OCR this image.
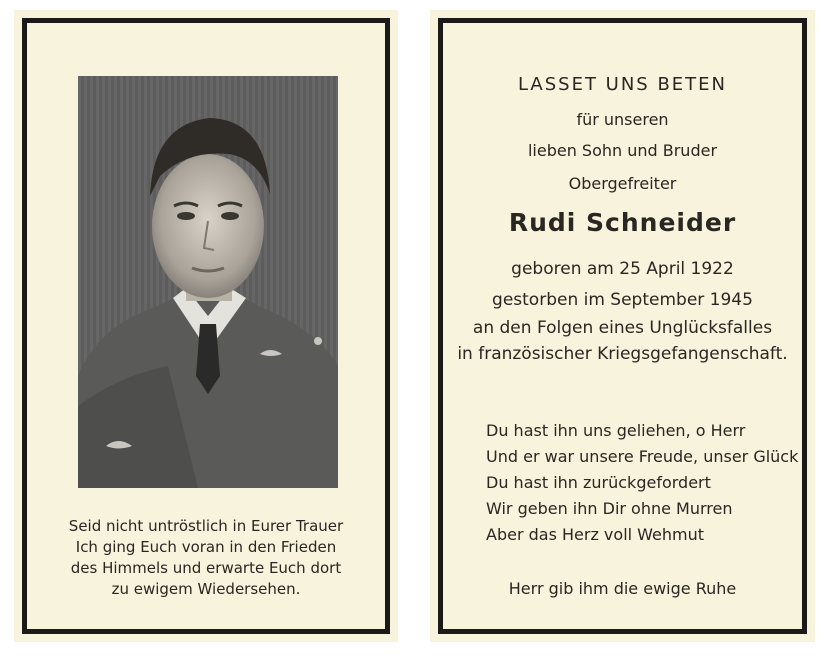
Seid nicht untröstlich in Eurer Trauer
Ich ging Euch voran in den Frieden
des Himmels und erwarte Euch dort
zu ewigem Wiedersehen.
LASSET UNS BETEN
für unseren
lieben Sohn und Bruder
Obergefreiter
Rudi Schneider
geboren am 25 April 1922
gestorben im September 1945
an den Folgen eines Unglücksfalles
in französischer Kriegsgefangenschaft.
Du hast ihn uns geliehen, o Herr
Und er war unsere Freude, unser Glück
Du hast ihn zurückgefordert
Wir geben ihn Dir ohne Murren
Aber das Herz voll Wehmut
Herr gib ihm die ewige Ruhe
